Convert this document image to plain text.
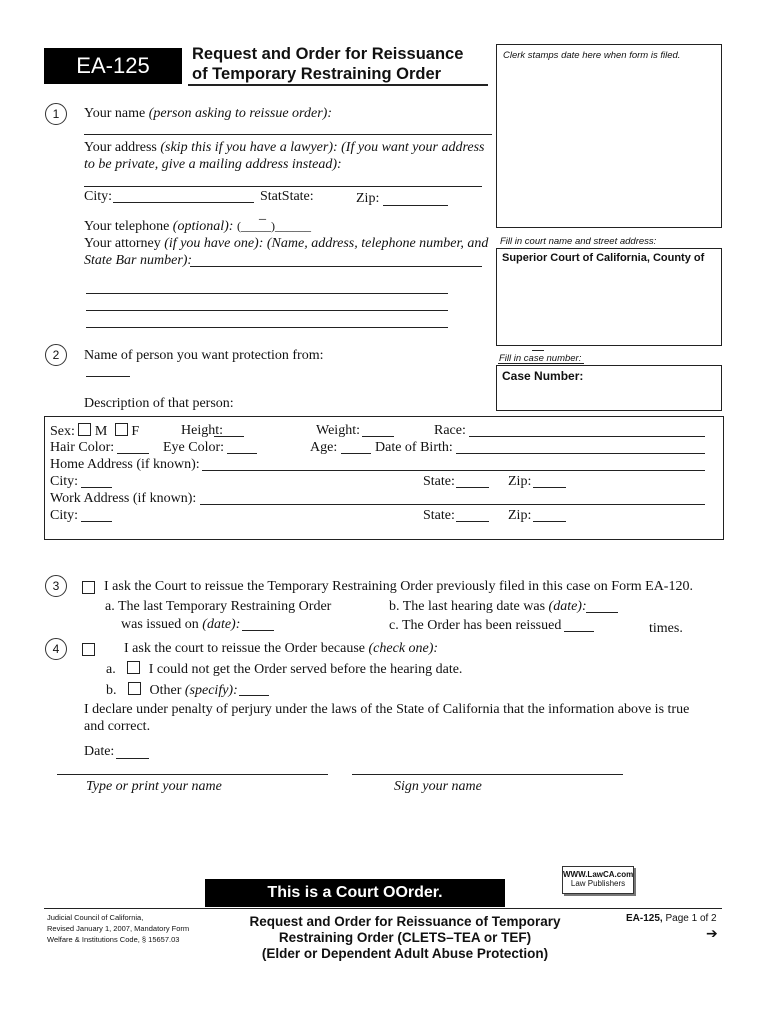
EA-125	Request and Order for Reissuance
of Temporary Restraining Order
Clerk stamps date here when form is filed.
Fill in court name and street address:
Superior Court of California, County of
Fill in case number:
Case Number:
1	Your name (person asking to reissue order):
Your address (skip this if you have a lawyer): (If you want your address
to be private, give a mailing address instead):
City:	StatState:
_
Zip:
Your telephone (optional): (_____)______
Your attorney (if you have one): (Name, address, telephone number, and
State Bar number):
2	Name of person you want protection from:
Description of that person:
Sex: M F	Height:	Weight:	Race:
Hair Color:	Eye Color:	Age:	Date of Birth:
Home Address (if known):
City:	State:	Zip:
Work Address (if known):
City:	State:	Zip:
3	I ask the Court to reissue the Temporary Restraining Order previously filed in this case on Form EA-120.
a. The last Temporary Restraining Order
was issued on (date):
b. The last hearing date was (date):
c. The Order has been reissued	times.
4	I ask the court to reissue the Order because (check one):
a. I could not get the Order served before the hearing date.
b. Other (specify):
I declare under penalty of perjury under the laws of the State of California that the information above is true
and correct.
Date:
Type or print your name	Sign your name
WWW.LawCA.com
Law Publishers
This is a Court OOrder.
Judicial Council of California,
Revised January 1, 2007, Mandatory Form
Welfare & Institutions Code, § 15657.03
Request and Order for Reissuance of Temporary
Restraining Order (CLETS–TEA or TEF)
(Elder or Dependent Adult Abuse Protection)
EA-125, Page 1 of 2
➔
